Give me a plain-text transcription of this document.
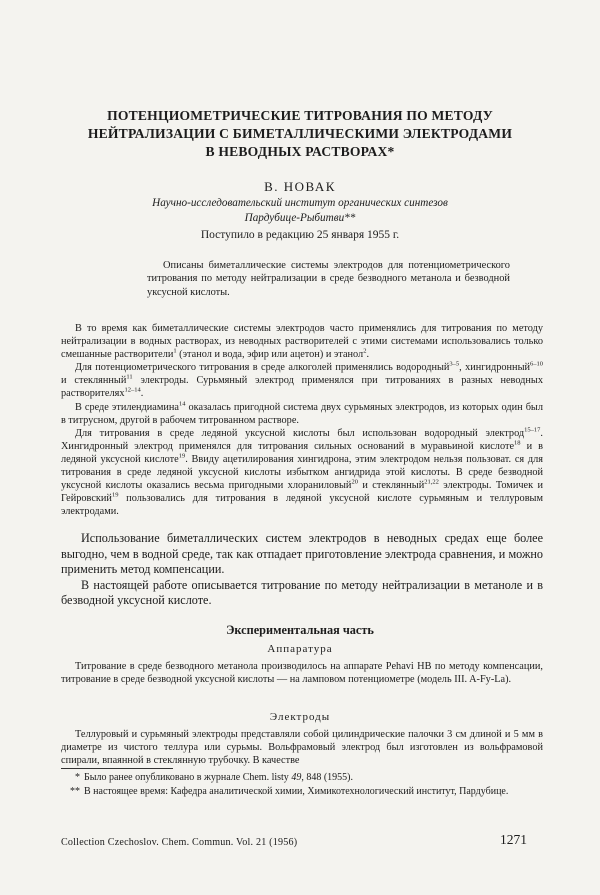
ПОТЕНЦИОМЕТРИЧЕСКИЕ ТИТРОВАНИЯ ПО МЕТОДУ
НЕЙТРАЛИЗАЦИИ С БИМЕТАЛЛИЧЕСКИМИ ЭЛЕКТРОДАМИ
В НЕВОДНЫХ РАСТВОРАХ*
В. НОВАК
Научно-исследовательский институт органических синтезов
Пардубице-Рыбитви**
Поступило в редакцию 25 января 1955 г.
Описаны биметаллические системы электродов для потенциометрического титрования по методу нейтрализации в среде безводного метанола и безводной уксусной кислоты.

В то время как биметаллические системы электродов часто применялись для титрования по методу нейтрализации в водных растворах, из неводных растворителей с этими системами использовались только смешанные растворители$^1$ (этанол и вода, эфир или ацетон) и этанол$^2$.

Для потенциометрического титрования в среде алкоголей применялись водородный$^{3-5}$, хингидронный$^{6-10}$ и стеклянный$^{11}$ электроды. Сурьмяный электрод применялся при титрованиях в разных неводных растворителях$^{12-14}$.

В среде этилендиамина$^{14}$ оказалась пригодной система двух сурьмяных электродов, из которых один был в титрусном, другой в рабочем титрованном растворе.

Для титрования в среде ледяной уксусной кислоты был использован водородный электрод$^{15-17}$. Хингидронный электрод применялся для титрования сильных оснований в муравьиной кислоте$^{18}$ и в ледяной уксусной кислоте$^{19}$. Ввиду ацетилирования хингидрона, этим электродом нельзя пользоват. ся для титрования в среде ледяной уксусной кислоты избытком ангидрида этой кислоты. В среде безводной уксусной кислоты оказались весьма пригодными хлоранилoвый$^{20}$ и стеклянный$^{21,22}$ электроды. Томичек и Гейровский$^{19}$ пользовались для титрования в ледяной уксусной кислоте сурьмяным и теллуровым электродами.

Использование биметаллических систем электродов в неводных средах еще более выгодно, чем в водной среде, так как отпадает приготовление электрода сравнения, и можно применить метод компенсации.

В настоящей работе описывается титрование по методу нейтрализации в метаноле и в безводной уксусной кислоте.

Экспериментальная часть
Аппаратура

Титрование в среде безводного метанола производилось на аппарате Pehavi HB по методу компенсации, титрование в среде безводной уксусной кислоты — на ламповом потенциометре (модель III. A-Fy-La).

Электроды

Теллуровый и сурьмяный электроды представляли собой цилиндрические палочки 3 см длиной и 5 мм в диаметре из чистого теллура или сурьмы. Вольфрамовый электрод был изготовлен из вольфрамовой спирали, впаянной в стеклянную трубочку. В качестве

* Было ранее опубликовано в журнале Chem. listy 49, 848 (1955).
** В настоящее время: Кафедра аналитической химии, Химикотехнологический институт, Пардубице.
Collection Czechoslov. Chem. Commun. Vol. 21 (1956)	1271
